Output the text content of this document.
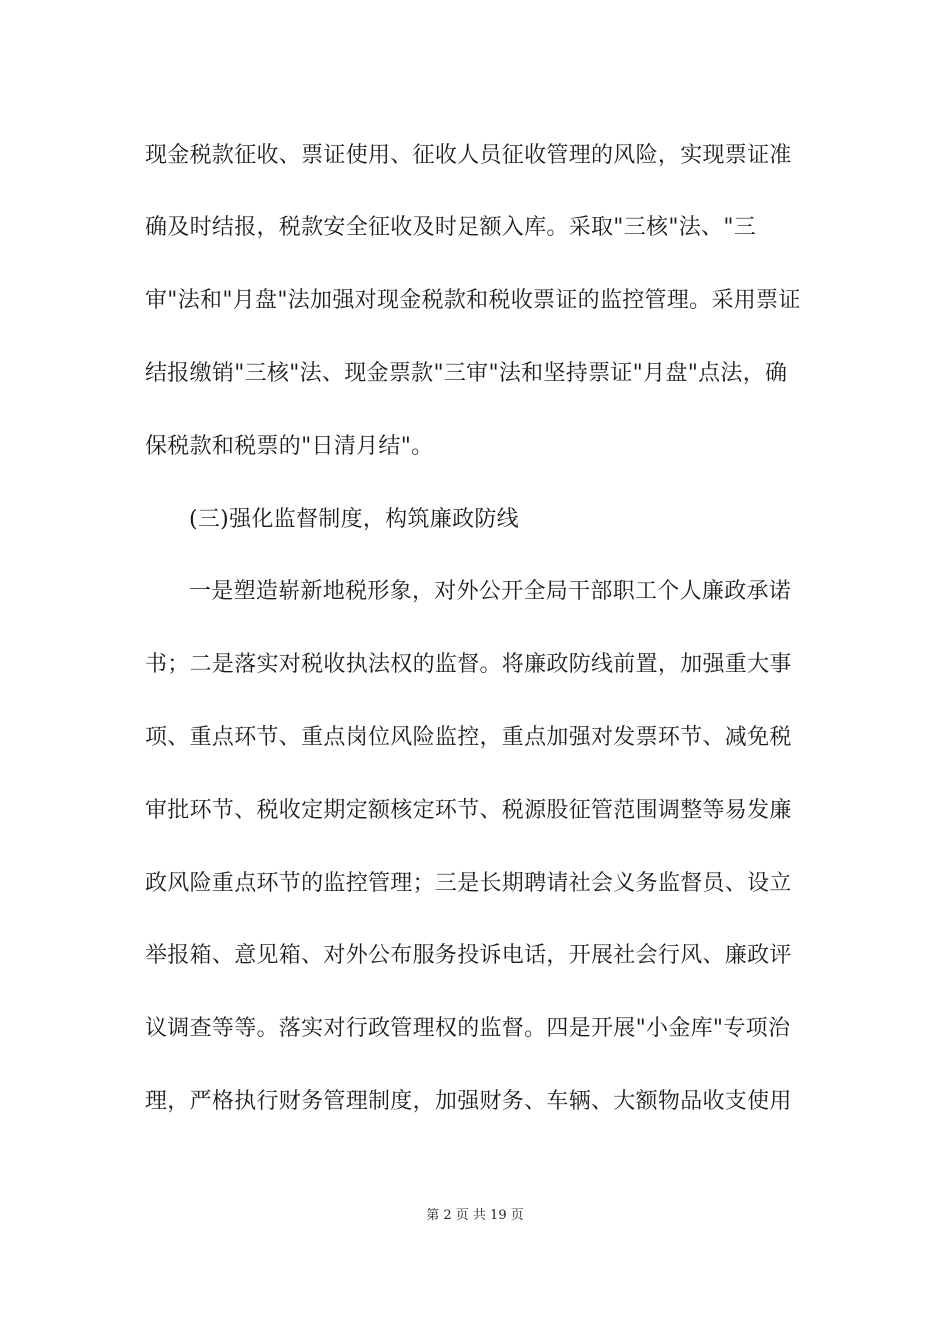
现金税款征收、票证使用、征收人员征收管理的风险，实现票证准
确及时结报，税款安全征收及时足额入库。采取"三核"法、"三
审"法和"月盘"法加强对现金税款和税收票证的监控管理。采用票证
结报缴销"三核"法、现金票款"三审"法和坚持票证"月盘"点法，确
保税款和税票的"日清月结"。
(三)强化监督制度，构筑廉政防线
一是塑造崭新地税形象，对外公开全局干部职工个人廉政承诺
书；二是落实对税收执法权的监督。将廉政防线前置，加强重大事
项、重点环节、重点岗位风险监控，重点加强对发票环节、减免税
审批环节、税收定期定额核定环节、税源股征管范围调整等易发廉
政风险重点环节的监控管理；三是长期聘请社会义务监督员、设立
举报箱、意见箱、对外公布服务投诉电话，开展社会行风、廉政评
议调查等等。落实对行政管理权的监督。四是开展"小金库"专项治
理，严格执行财务管理制度，加强财务、车辆、大额物品收支使用
第 2 页 共 19 页
